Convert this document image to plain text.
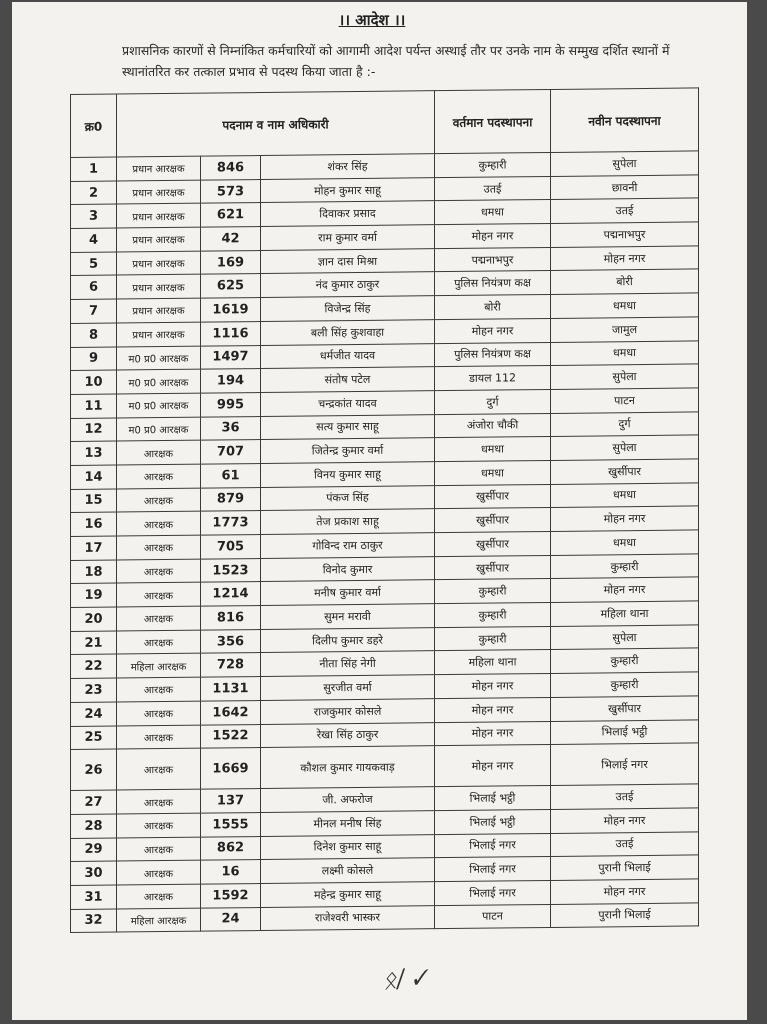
।। आदेश ।।
प्रशासनिक कारणों से निम्नांकित कर्मचारियों को आगामी आदेश पर्यन्त अस्थाई तौर पर उनके नाम के सम्मुख दर्शित स्थानों में स्थानांतरित कर तत्काल प्रभाव से पदस्थ किया जाता है :-
क्र0	पदनाम व नाम अधिकारी			वर्तमान पदस्थापना	नवीन पदस्थापना
1	प्रधान आरक्षक	846	शंकर सिंह	कुम्हारी	सुपेला
2	प्रधान आरक्षक	573	मोहन कुमार साहू	उतई	छावनी
3	प्रधान आरक्षक	621	दिवाकर प्रसाद	धमधा	उतई
4	प्रधान आरक्षक	42	राम कुमार वर्मा	मोहन नगर	पद्मनाभपुर
5	प्रधान आरक्षक	169	ज्ञान दास मिश्रा	पद्मनाभपुर	मोहन नगर
6	प्रधान आरक्षक	625	नंद कुमार ठाकुर	पुलिस नियंत्रण कक्ष	बोरी
7	प्रधान आरक्षक	1619	विजेन्द्र सिंह	बोरी	धमधा
8	प्रधान आरक्षक	1116	बली सिंह कुशवाहा	मोहन नगर	जामुल
9	म0 प्र0 आरक्षक	1497	धर्मजीत यादव	पुलिस नियंत्रण कक्ष	धमधा
10	म0 प्र0 आरक्षक	194	संतोष पटेल	डायल 112	सुपेला
11	म0 प्र0 आरक्षक	995	चन्द्रकांत यादव	दुर्ग	पाटन
12	म0 प्र0 आरक्षक	36	सत्य कुमार साहू	अंजोरा चौकी	दुर्ग
13	आरक्षक	707	जितेन्द्र कुमार वर्मा	धमधा	सुपेला
14	आरक्षक	61	विनय कुमार साहू	धमधा	खुर्सीपार
15	आरक्षक	879	पंकज सिंह	खुर्सीपार	धमधा
16	आरक्षक	1773	तेज प्रकाश साहू	खुर्सीपार	मोहन नगर
17	आरक्षक	705	गोविन्द राम ठाकुर	खुर्सीपार	धमधा
18	आरक्षक	1523	विनोद कुमार	खुर्सीपार	कुम्हारी
19	आरक्षक	1214	मनीष कुमार वर्मा	कुम्हारी	मोहन नगर
20	आरक्षक	816	सुमन मरावी	कुम्हारी	महिला थाना
21	आरक्षक	356	दिलीप कुमार डहरे	कुम्हारी	सुपेला
22	महिला आरक्षक	728	नीता सिंह नेगी	महिला थाना	कुम्हारी
23	आरक्षक	1131	सुरजीत वर्मा	मोहन नगर	कुम्हारी
24	आरक्षक	1642	राजकुमार कोसले	मोहन नगर	खुर्सीपार
25	आरक्षक	1522	रेखा सिंह ठाकुर	मोहन नगर	भिलाई भट्ठी
26	आरक्षक	1669	कौशल कुमार गायकवाड़	मोहन नगर	भिलाई नगर
27	आरक्षक	137	जी. अफरोज	भिलाई भट्ठी	उतई
28	आरक्षक	1555	मीनल मनीष सिंह	भिलाई भट्ठी	मोहन नगर
29	आरक्षक	862	दिनेश कुमार साहू	भिलाई नगर	उतई
30	आरक्षक	16	लक्ष्मी कोसले	भिलाई नगर	पुरानी भिलाई
31	आरक्षक	1592	महेन्द्र कुमार साहू	भिलाई नगर	मोहन नगर
32	महिला आरक्षक	24	राजेश्वरी भास्कर	पाटन	पुरानी भिलाई
ᛟ/ ✓
